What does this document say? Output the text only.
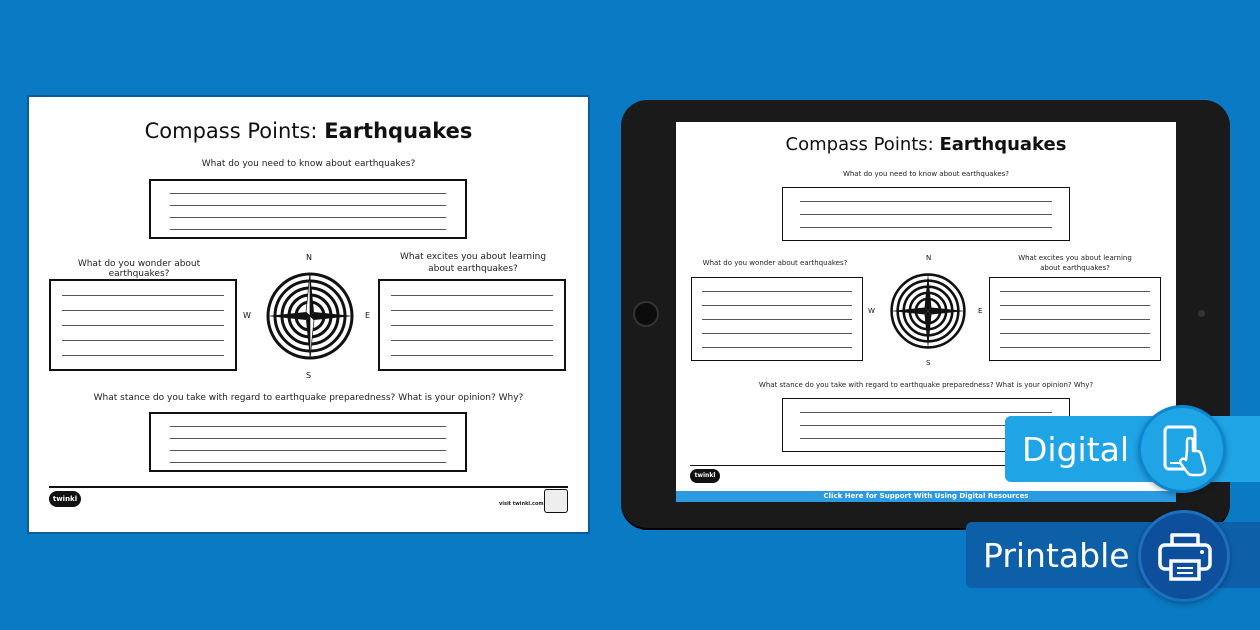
Compass Points: Earthquakes
What do you need to know about earthquakes?
What do you wonder about earthquakes?
What excites you about learning
about earthquakes?
N
S
W	E
What stance do you take with regard to earthquake preparedness? What is your opinion? Why?
twinkl
visit twinkl.com
Compass Points: Earthquakes
What do you need to know about earthquakes?
What do you wonder about earthquakes?
What excites you about learning
about earthquakes?
N
S
W	E
What stance do you take with regard to earthquake preparedness? What is your opinion? Why?
twinkl
Click Here for Support With Using Digital Resources
Digital
Printable
